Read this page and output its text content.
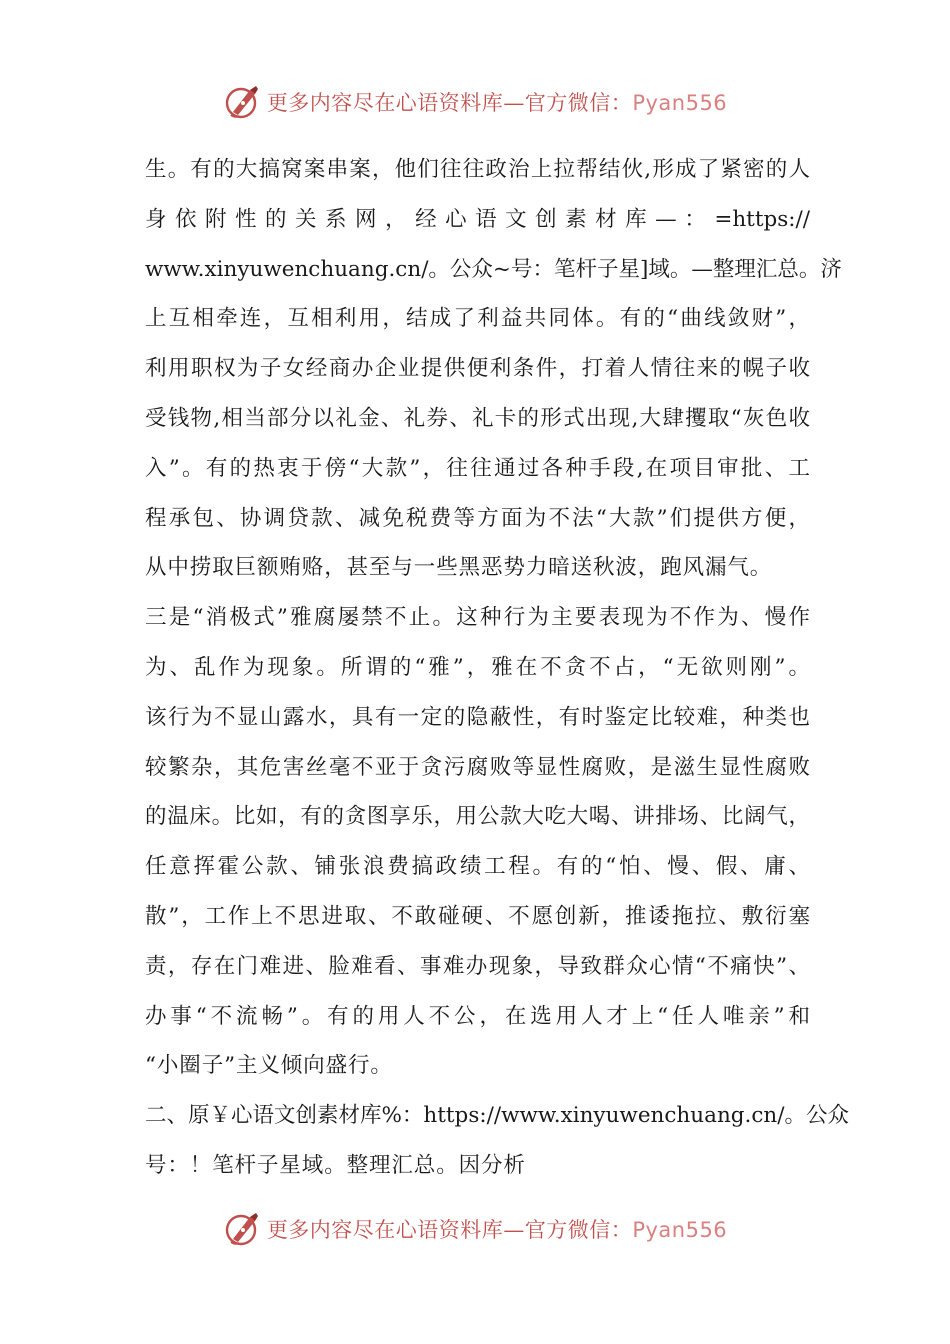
更多内容尽在心语资料库—官方微信：Pyan556
生。有的大搞窝案串案，他们往往政治上拉帮结伙,形成了紧密的人
身 依 附 性 的 关 系 网 ， 经 心 语 文 创 素 材 库 — ： =https://
www.xinyuwenchuang.cn/。公众~号：笔杆子星]域。—整理汇总。济
上互相牵连，互相利用，结成了利益共同体。有的“曲线敛财”，
利用职权为子女经商办企业提供便利条件，打着人情往来的幌子收
受钱物,相当部分以礼金、礼券、礼卡的形式出现,大肆攫取“灰色收
入”。有的热衷于傍“大款”，往往通过各种手段,在项目审批、工
程承包、协调贷款、减免税费等方面为不法“大款”们提供方便，
从中捞取巨额贿赂，甚至与一些黑恶势力暗送秋波，跑风漏气。
三是“消极式”雅腐屡禁不止。这种行为主要表现为不作为、慢作
为、乱作为现象。所谓的“雅”，雅在不贪不占，“无欲则刚”。
该行为不显山露水，具有一定的隐蔽性，有时鉴定比较难，种类也
较繁杂，其危害丝毫不亚于贪污腐败等显性腐败，是滋生显性腐败
的温床。比如，有的贪图享乐，用公款大吃大喝、讲排场、比阔气，
任意挥霍公款、铺张浪费搞政绩工程。有的“怕、慢、假、庸、
散”，工作上不思进取、不敢碰硬、不愿创新，推诿拖拉、敷衍塞
责，存在门难进、脸难看、事难办现象，导致群众心情“不痛快”、
办事“不流畅”。有的用人不公，在选用人才上“任人唯亲”和
“小圈子”主义倾向盛行。
二、原￥心语文创素材库%：https://www.xinyuwenchuang.cn/。公众
号：！笔杆子星域。整理汇总。因分析
更多内容尽在心语资料库—官方微信：Pyan556
